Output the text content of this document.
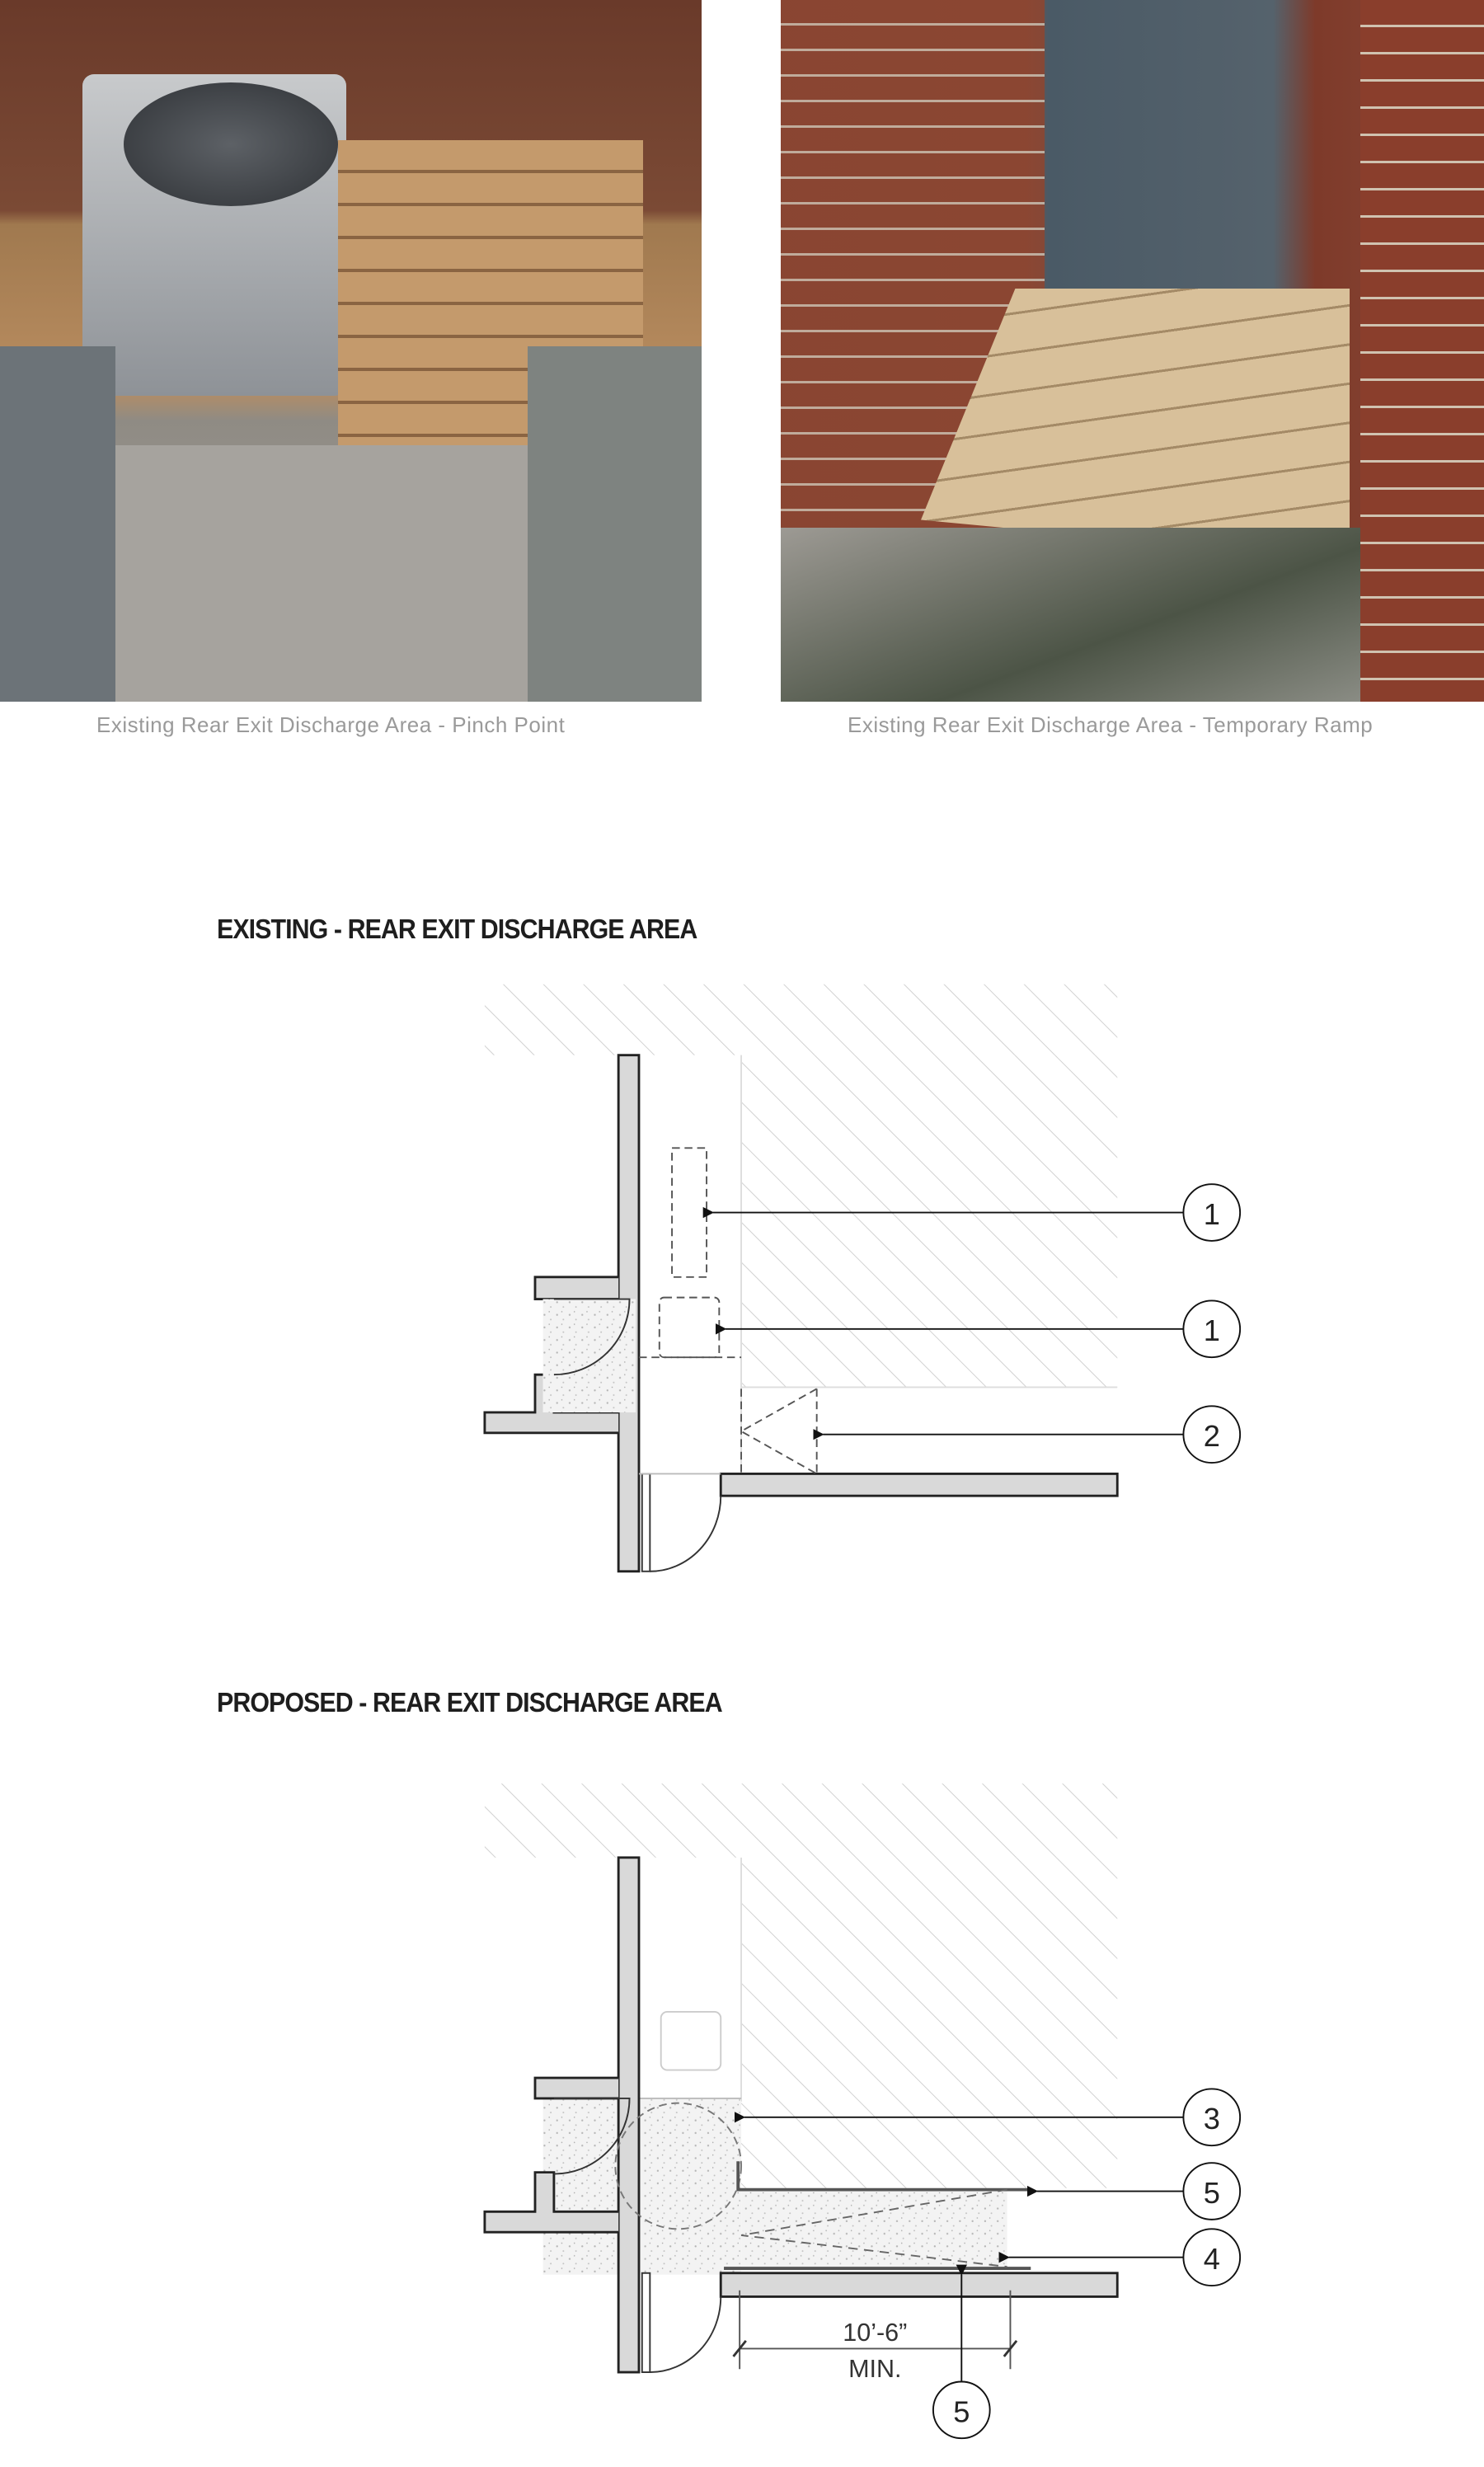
Existing Rear Exit Discharge Area - Pinch Point	Existing Rear Exit Discharge Area - Temporary Ramp
EXISTING - REAR EXIT DISCHARGE AREA
PROPOSED - REAR EXIT DISCHARGE AREA
1
1
2
10’-6”
MIN.
3
5
4
5
